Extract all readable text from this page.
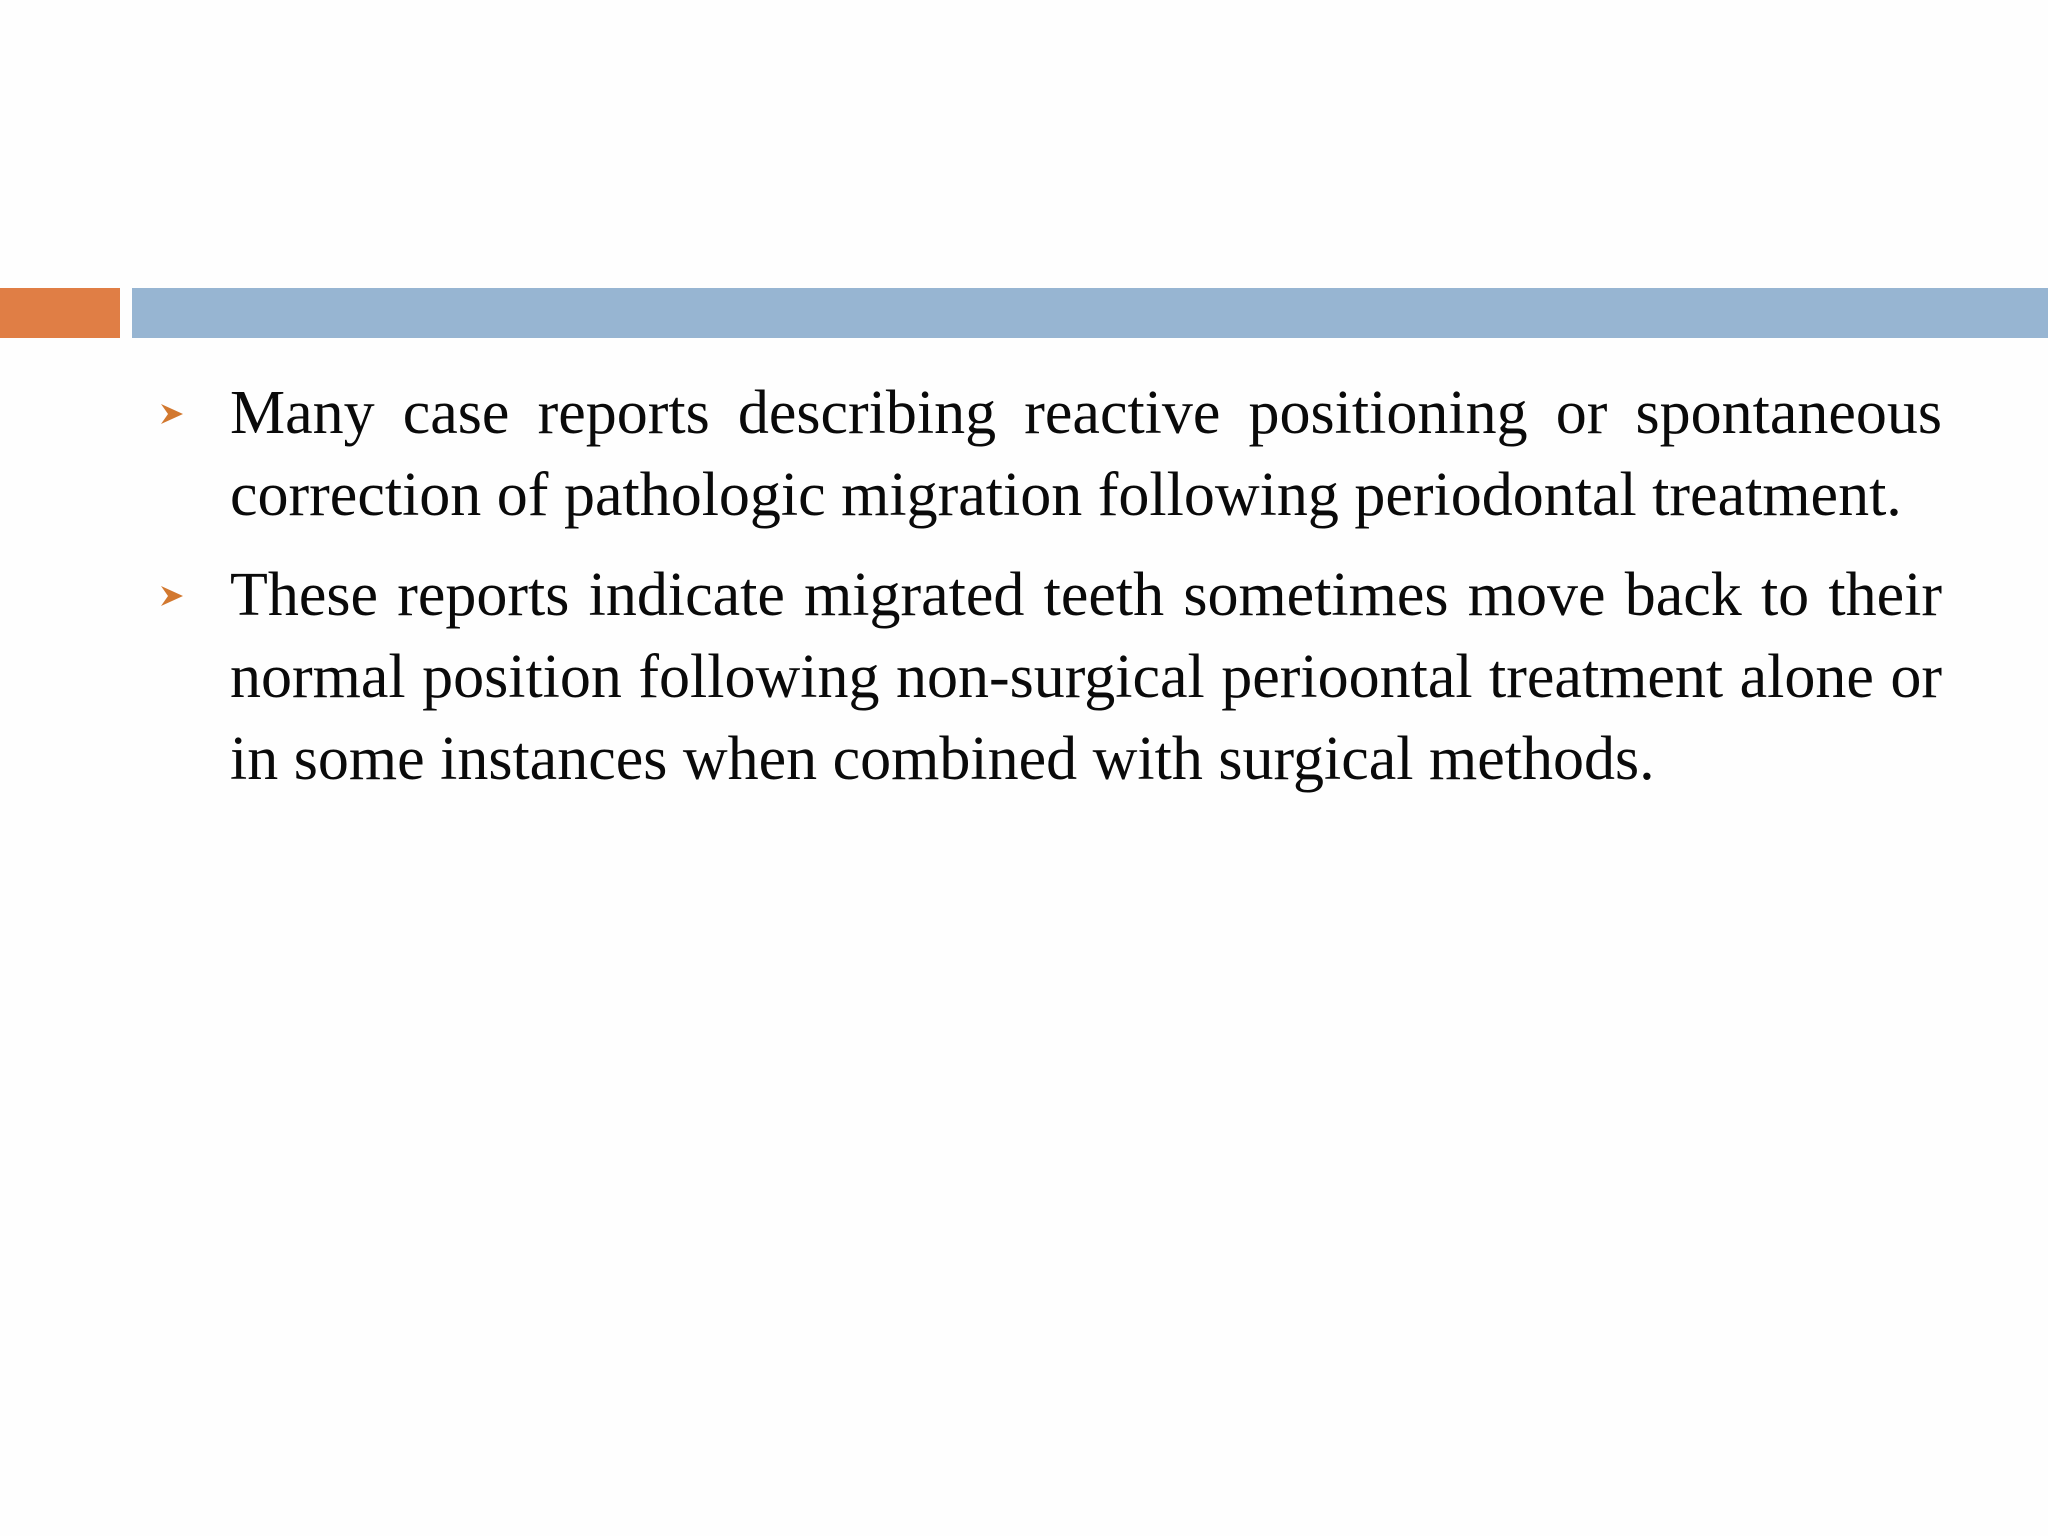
Many case reports describing reactive positioning or spontaneous correction of pathologic migration following periodontal treatment.
These reports indicate migrated teeth sometimes move back to their normal position following non-surgical perioontal treatment alone or in some instances when combined with surgical methods.
